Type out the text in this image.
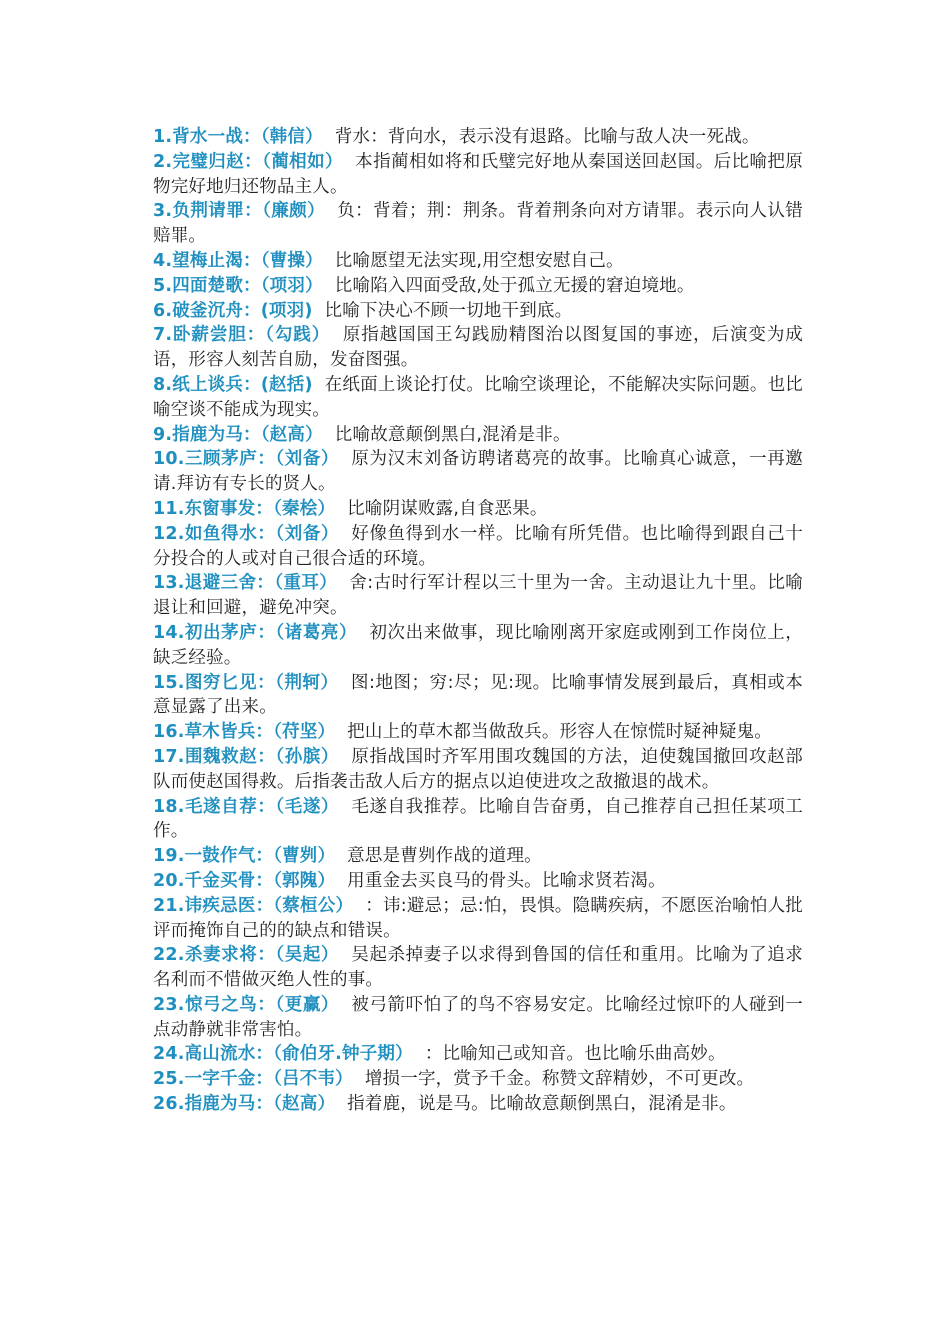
1.背水一战：（韩信） 背水：背向水，表示没有退路。比喻与敌人决一死战。

2.完璧归赵：（蔺相如） 本指蔺相如将和氏璧完好地从秦国送回赵国。后比喻把原物完好地归还物品主人。

3.负荆请罪：（廉颇） 负：背着；荆：荆条。背着荆条向对方请罪。表示向人认错赔罪。

4.望梅止渴：（曹操） 比喻愿望无法实现,用空想安慰自己。

5.四面楚歌：（项羽） 比喻陷入四面受敌,处于孤立无援的窘迫境地。

6.破釜沉舟：(项羽) 比喻下决心不顾一切地干到底。

7.卧薪尝胆：（勾践） 原指越国国王勾践励精图治以图复国的事迹，后演变为成语，形容人刻苦自励，发奋图强。

8.纸上谈兵：(赵括) 在纸面上谈论打仗。比喻空谈理论，不能解决实际问题。也比喻空谈不能成为现实。

9.指鹿为马：（赵高） 比喻故意颠倒黑白,混淆是非。

10.三顾茅庐：（刘备） 原为汉末刘备访聘诸葛亮的故事。比喻真心诚意，一再邀请.拜访有专长的贤人。

11.东窗事发：（秦桧） 比喻阴谋败露,自食恶果。

12.如鱼得水：（刘备） 好像鱼得到水一样。比喻有所凭借。也比喻得到跟自己十分投合的人或对自己很合适的环境。

13.退避三舍：（重耳） 舍:古时行军计程以三十里为一舍。主动退让九十里。比喻退让和回避，避免冲突。

14.初出茅庐：（诸葛亮） 初次出来做事，现比喻刚离开家庭或刚到工作岗位上，缺乏经验。

15.图穷匕见：（荆轲） 图:地图；穷:尽；见:现。比喻事情发展到最后，真相或本意显露了出来。

16.草木皆兵：（苻坚） 把山上的草木都当做敌兵。形容人在惊慌时疑神疑鬼。

17.围魏救赵：（孙膑） 原指战国时齐军用围攻魏国的方法，迫使魏国撤回攻赵部队而使赵国得救。后指袭击敌人后方的据点以迫使进攻之敌撤退的战术。

18.毛遂自荐：（毛遂） 毛遂自我推荐。比喻自告奋勇，自己推荐自己担任某项工作。

19.一鼓作气：（曹刿） 意思是曹刿作战的道理。

20.千金买骨：（郭隗） 用重金去买良马的骨头。比喻求贤若渴。

21.讳疾忌医：（蔡桓公） ：讳:避忌；忌:怕，畏惧。隐瞒疾病，不愿医治喻怕人批评而掩饰自己的的缺点和错误。

22.杀妻求将：（吴起） 吴起杀掉妻子以求得到鲁国的信任和重用。比喻为了追求名利而不惜做灭绝人性的事。

23.惊弓之鸟：（更赢） 被弓箭吓怕了的鸟不容易安定。比喻经过惊吓的人碰到一点动静就非常害怕。

24.高山流水：（俞伯牙.钟子期） ：比喻知己或知音。也比喻乐曲高妙。

25.一字千金：（吕不韦） 增损一字，赏予千金。称赞文辞精妙，不可更改。

26.指鹿为马：（赵高） 指着鹿，说是马。比喻故意颠倒黑白，混淆是非。
